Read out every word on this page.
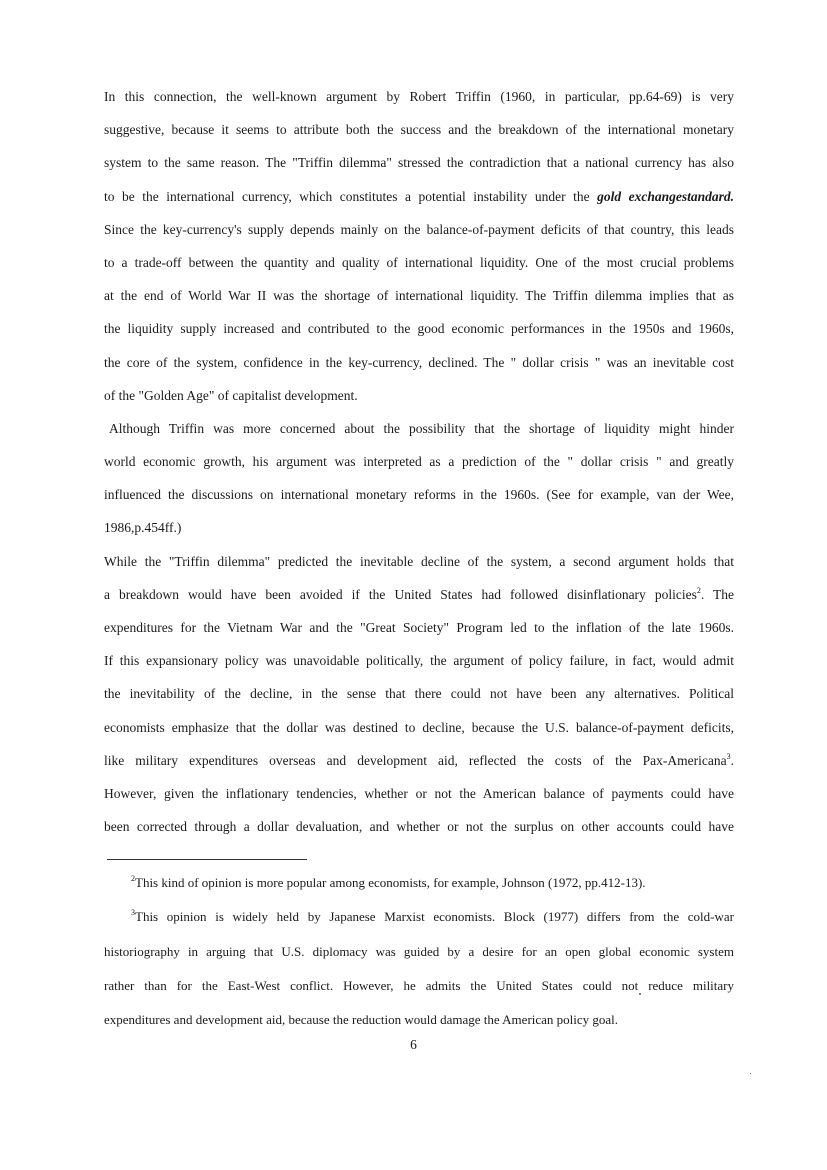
In this connection, the well-known argument by Robert Triffin (1960, in particular, pp.64-69) is very
suggestive, because it seems to attribute both the success and the breakdown of the international monetary
system to the same reason. The "Triffin dilemma" stressed the contradiction that a national currency has also
to be the international currency, which constitutes a potential instability under the gold exchangestandard.
Since the key-currency's supply depends mainly on the balance-of-payment deficits of that country, this leads
to a trade-off between the quantity and quality of international liquidity. One of the most crucial problems
at the end of World War II was the shortage of international liquidity. The Triffin dilemma implies that as
the liquidity supply increased and contributed to the good economic performances in the 1950s and 1960s,
the core of the system, confidence in the key-currency, declined. The " dollar crisis " was an inevitable cost
of the "Golden Age" of capitalist development.
Although Triffin was more concerned about the possibility that the shortage of liquidity might hinder
world economic growth, his argument was interpreted as a prediction of the " dollar crisis " and greatly
influenced the discussions on international monetary reforms in the 1960s. (See for example, van der Wee,
1986,p.454ff.)
While the "Triffin dilemma" predicted the inevitable decline of the system, a second argument holds that
a breakdown would have been avoided if the United States had followed disinflationary policies$^2$. The
expenditures for the Vietnam War and the "Great Society" Program led to the inflation of the late 1960s.
If this expansionary policy was unavoidable politically, the argument of policy failure, in fact, would admit
the inevitability of the decline, in the sense that there could not have been any alternatives. Political
economists emphasize that the dollar was destined to decline, because the U.S. balance-of-payment deficits,
like military expenditures overseas and development aid, reflected the costs of the Pax-Americana$^3$.
However, given the inflationary tendencies, whether or not the American balance of payments could have
been corrected through a dollar devaluation, and whether or not the surplus on other accounts could have
$^2$This kind of opinion is more popular among economists, for example, Johnson (1972, pp.412-13).
$^3$This opinion is widely held by Japanese Marxist economists. Block (1977) differs from the cold-war
historiography in arguing that U.S. diplomacy was guided by a desire for an open global economic system
rather than for the East-West conflict. However, he admits the United States could not reduce military
expenditures and development aid, because the reduction would damage the American policy goal.
6
